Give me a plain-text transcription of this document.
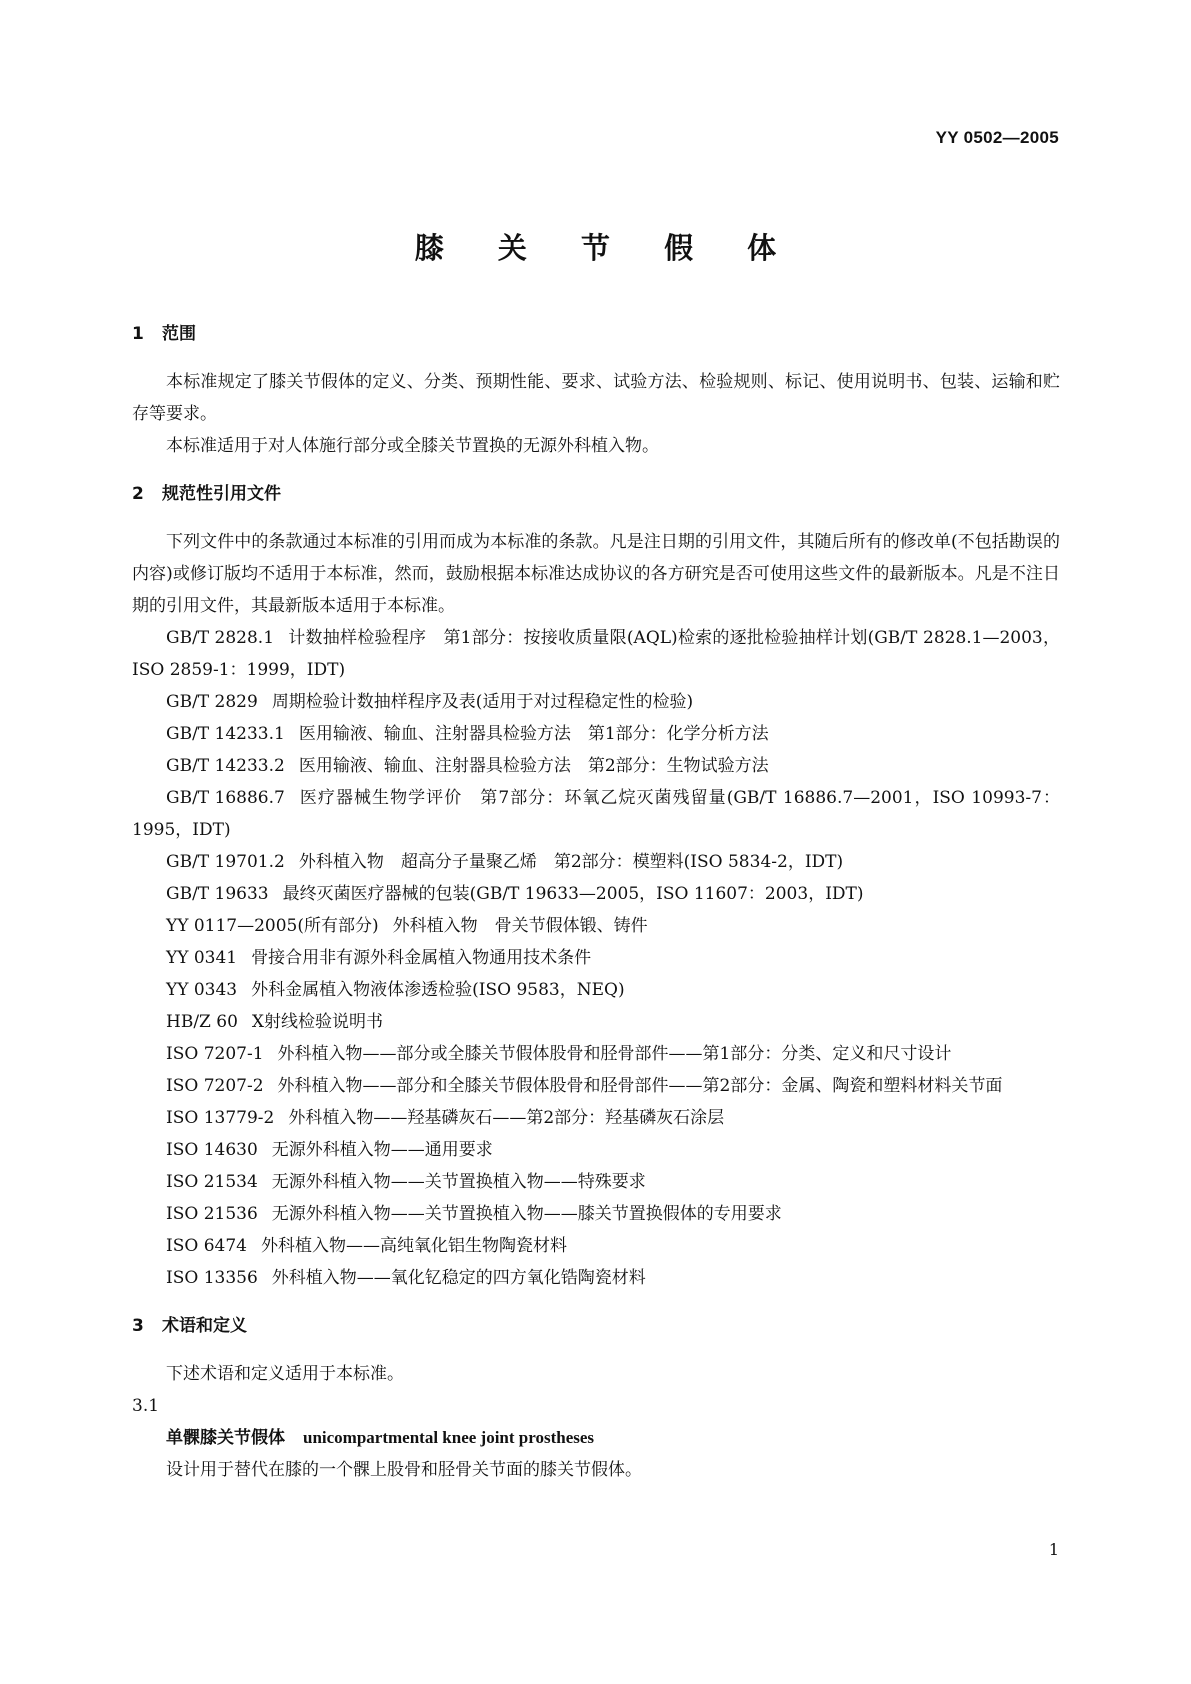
YY 0502—2005
膝 关 节 假 体
1 范围

本标准规定了膝关节假体的定义、分类、预期性能、要求、试验方法、检验规则、标记、使用说明书、包装、运输和贮存等要求。

本标准适用于对人体施行部分或全膝关节置换的无源外科植入物。

2 规范性引用文件

下列文件中的条款通过本标准的引用而成为本标准的条款。凡是注日期的引用文件，其随后所有的修改单(不包括勘误的内容)或修订版均不适用于本标准，然而，鼓励根据本标准达成协议的各方研究是否可使用这些文件的最新版本。凡是不注日期的引用文件，其最新版本适用于本标准。

GB/T 2828.1 计数抽样检验程序　第1部分：按接收质量限(AQL)检索的逐批检验抽样计划(GB/T 2828.1—2003，ISO 2859-1：1999，IDT)

GB/T 2829 周期检验计数抽样程序及表(适用于对过程稳定性的检验)

GB/T 14233.1 医用输液、输血、注射器具检验方法　第1部分：化学分析方法

GB/T 14233.2 医用输液、输血、注射器具检验方法　第2部分：生物试验方法

GB/T 16886.7 医疗器械生物学评价　第7部分：环氧乙烷灭菌残留量(GB/T 16886.7—2001，ISO 10993-7：1995，IDT)

GB/T 19701.2 外科植入物　超高分子量聚乙烯　第2部分：模塑料(ISO 5834-2，IDT)

GB/T 19633 最终灭菌医疗器械的包装(GB/T 19633—2005，ISO 11607：2003，IDT)

YY 0117—2005(所有部分) 外科植入物　骨关节假体锻、铸件

YY 0341 骨接合用非有源外科金属植入物通用技术条件

YY 0343 外科金属植入物液体渗透检验(ISO 9583，NEQ)

HB/Z 60 X射线检验说明书

ISO 7207-1 外科植入物——部分或全膝关节假体股骨和胫骨部件——第1部分：分类、定义和尺寸设计

ISO 7207-2 外科植入物——部分和全膝关节假体股骨和胫骨部件——第2部分：金属、陶瓷和塑料材料关节面

ISO 13779-2 外科植入物——羟基磷灰石——第2部分：羟基磷灰石涂层

ISO 14630 无源外科植入物——通用要求

ISO 21534 无源外科植入物——关节置换植入物——特殊要求

ISO 21536 无源外科植入物——关节置换植入物——膝关节置换假体的专用要求

ISO 6474 外科植入物——高纯氧化铝生物陶瓷材料

ISO 13356 外科植入物——氧化钇稳定的四方氧化锆陶瓷材料

3 术语和定义

下述术语和定义适用于本标准。

3.1

单髁膝关节假体 unicompartmental knee joint prostheses

设计用于替代在膝的一个髁上股骨和胫骨关节面的膝关节假体。

1
